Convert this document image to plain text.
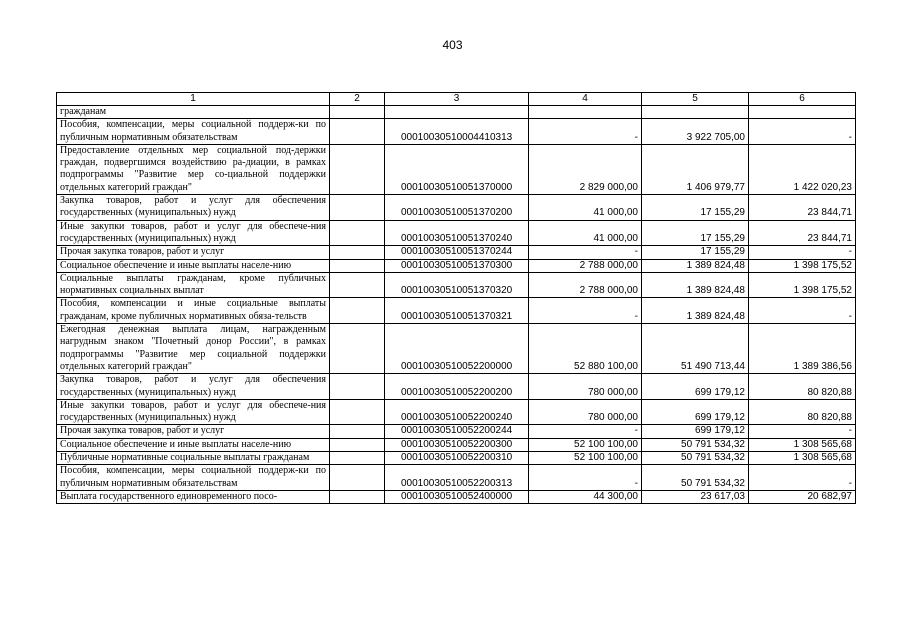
403
1	2	3	4	5	6
гражданам					
Пособия, компенсации, меры социальной поддерж-ки по публичным нормативным обязательствам		00010030510004410313	-	3 922 705,00	-
Предоставление отдельных мер социальной под-держки граждан, подвергшимся воздействию ра-диации, в рамках подпрограммы "Развитие мер со-циальной поддержки отдельных категорий граждан"		00010030510051370000	2 829 000,00	1 406 979,77	1 422 020,23
Закупка товаров, работ и услуг для обеспечения государственных (муниципальных) нужд		00010030510051370200	41 000,00	17 155,29	23 844,71
Иные закупки товаров, работ и услуг для обеспече-ния государственных (муниципальных) нужд		00010030510051370240	41 000,00	17 155,29	23 844,71
Прочая закупка товаров, работ и услуг		00010030510051370244	-	17 155,29	-
Социальное обеспечение и иные выплаты населе-нию		00010030510051370300	2 788 000,00	1 389 824,48	1 398 175,52
Социальные выплаты гражданам, кроме публичных нормативных социальных выплат		00010030510051370320	2 788 000,00	1 389 824,48	1 398 175,52
Пособия, компенсации и иные социальные выплаты гражданам, кроме публичных нормативных обяза-тельств		00010030510051370321	-	1 389 824,48	-
Ежегодная денежная выплата лицам, награжденным нагрудным знаком "Почетный донор России", в рамках подпрограммы "Развитие мер социальной поддержки отдельных категорий граждан"		00010030510052200000	52 880 100,00	51 490 713,44	1 389 386,56
Закупка товаров, работ и услуг для обеспечения государственных (муниципальных) нужд		00010030510052200200	780 000,00	699 179,12	80 820,88
Иные закупки товаров, работ и услуг для обеспече-ния государственных (муниципальных) нужд		00010030510052200240	780 000,00	699 179,12	80 820,88
Прочая закупка товаров, работ и услуг		00010030510052200244	-	699 179,12	-
Социальное обеспечение и иные выплаты населе-нию		00010030510052200300	52 100 100,00	50 791 534,32	1 308 565,68
Публичные нормативные социальные выплаты гражданам		00010030510052200310	52 100 100,00	50 791 534,32	1 308 565,68
Пособия, компенсации, меры социальной поддерж-ки по публичным нормативным обязательствам		00010030510052200313	-	50 791 534,32	-
Выплата государственного единовременного посо-		00010030510052400000	44 300,00	23 617,03	20 682,97
